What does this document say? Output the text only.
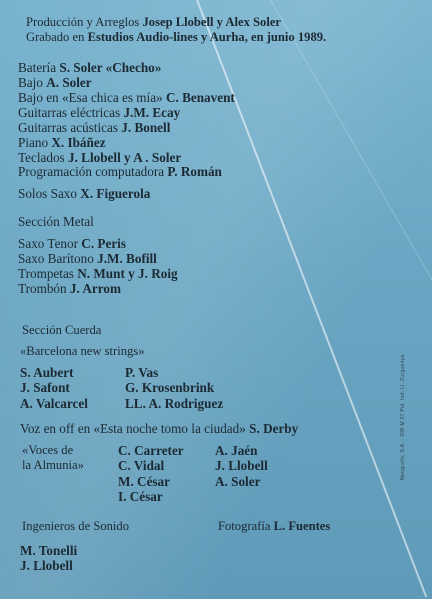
Producción y Arreglos Josep Llobell y Alex Soler
Grabado en Estudios Audio-lines y Aurha, en junio 1989.
Batería S. Soler «Checho»
Bajo A. Soler
Bajo en «Esa chica es mía» C. Benavent
Guitarras eléctricas J.M. Ecay
Guitarras acústicas J. Bonell
Piano X. Ibáñez
Teclados J. Llobell y A . Soler
Programación computadora P. Román
Solos Saxo X. Figuerola
Sección Metal
Saxo Tenor C. Peris
Saxo Barítono J.M. Bofill
Trompetas N. Munt y J. Roig
Trombón J. Arrom
Sección Cuerda
«Barcelona new strings»
S. Aubert
J. Safont
A. Valcarcel
P. Vas
G. Krosenbrink
LL. A. Rodriguez
Voz en off en «Esta noche tomo la ciudad» S. Derby
«Voces de
la Almunia»
C. Carreter
C. Vidal
M. César
I. César
A. Jaén
J. Llobell
A. Soler
Ingenieros de Sonido	Fotografía L. Fuentes
M. Tonelli
J. Llobell
Neografis, S.A. · DIB M 37 Pol. Ind. Ll. Zurguenya
